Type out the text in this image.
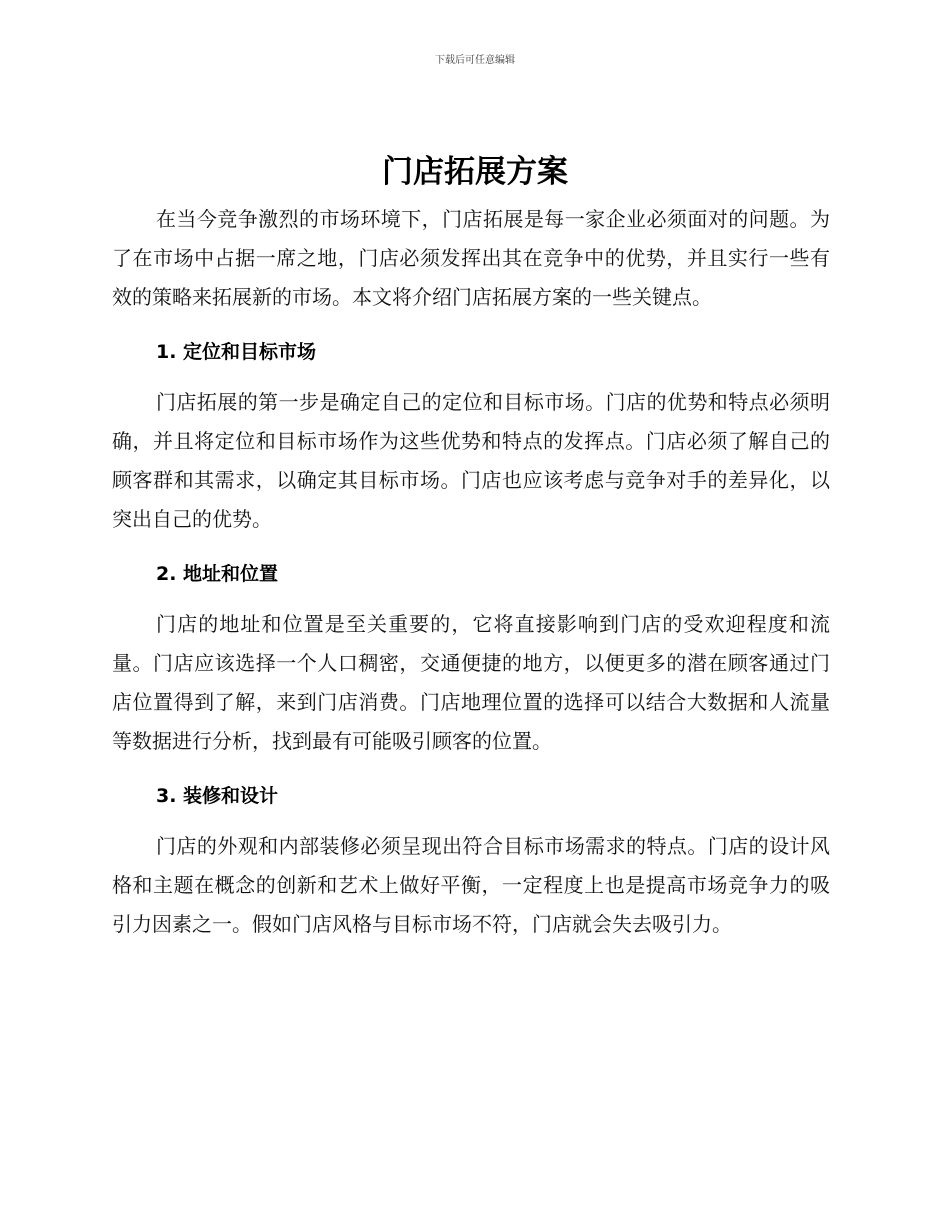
下载后可任意编辑
门店拓展方案

在当今竞争激烈的市场环境下，门店拓展是每一家企业必须面对的问题。为了在市场中占据一席之地，门店必须发挥出其在竞争中的优势，并且实行一些有效的策略来拓展新的市场。本文将介绍门店拓展方案的一些关键点。

1. 定位和目标市场

门店拓展的第一步是确定自己的定位和目标市场。门店的优势和特点必须明确，并且将定位和目标市场作为这些优势和特点的发挥点。门店必须了解自己的顾客群和其需求，以确定其目标市场。门店也应该考虑与竞争对手的差异化，以突出自己的优势。

2. 地址和位置

门店的地址和位置是至关重要的，它将直接影响到门店的受欢迎程度和流量。门店应该选择一个人口稠密，交通便捷的地方，以便更多的潜在顾客通过门店位置得到了解，来到门店消费。门店地理位置的选择可以结合大数据和人流量等数据进行分析，找到最有可能吸引顾客的位置。

3. 装修和设计

门店的外观和内部装修必须呈现出符合目标市场需求的特点。门店的设计风格和主题在概念的创新和艺术上做好平衡，一定程度上也是提高市场竞争力的吸引力因素之一。假如门店风格与目标市场不符，门店就会失去吸引力。
